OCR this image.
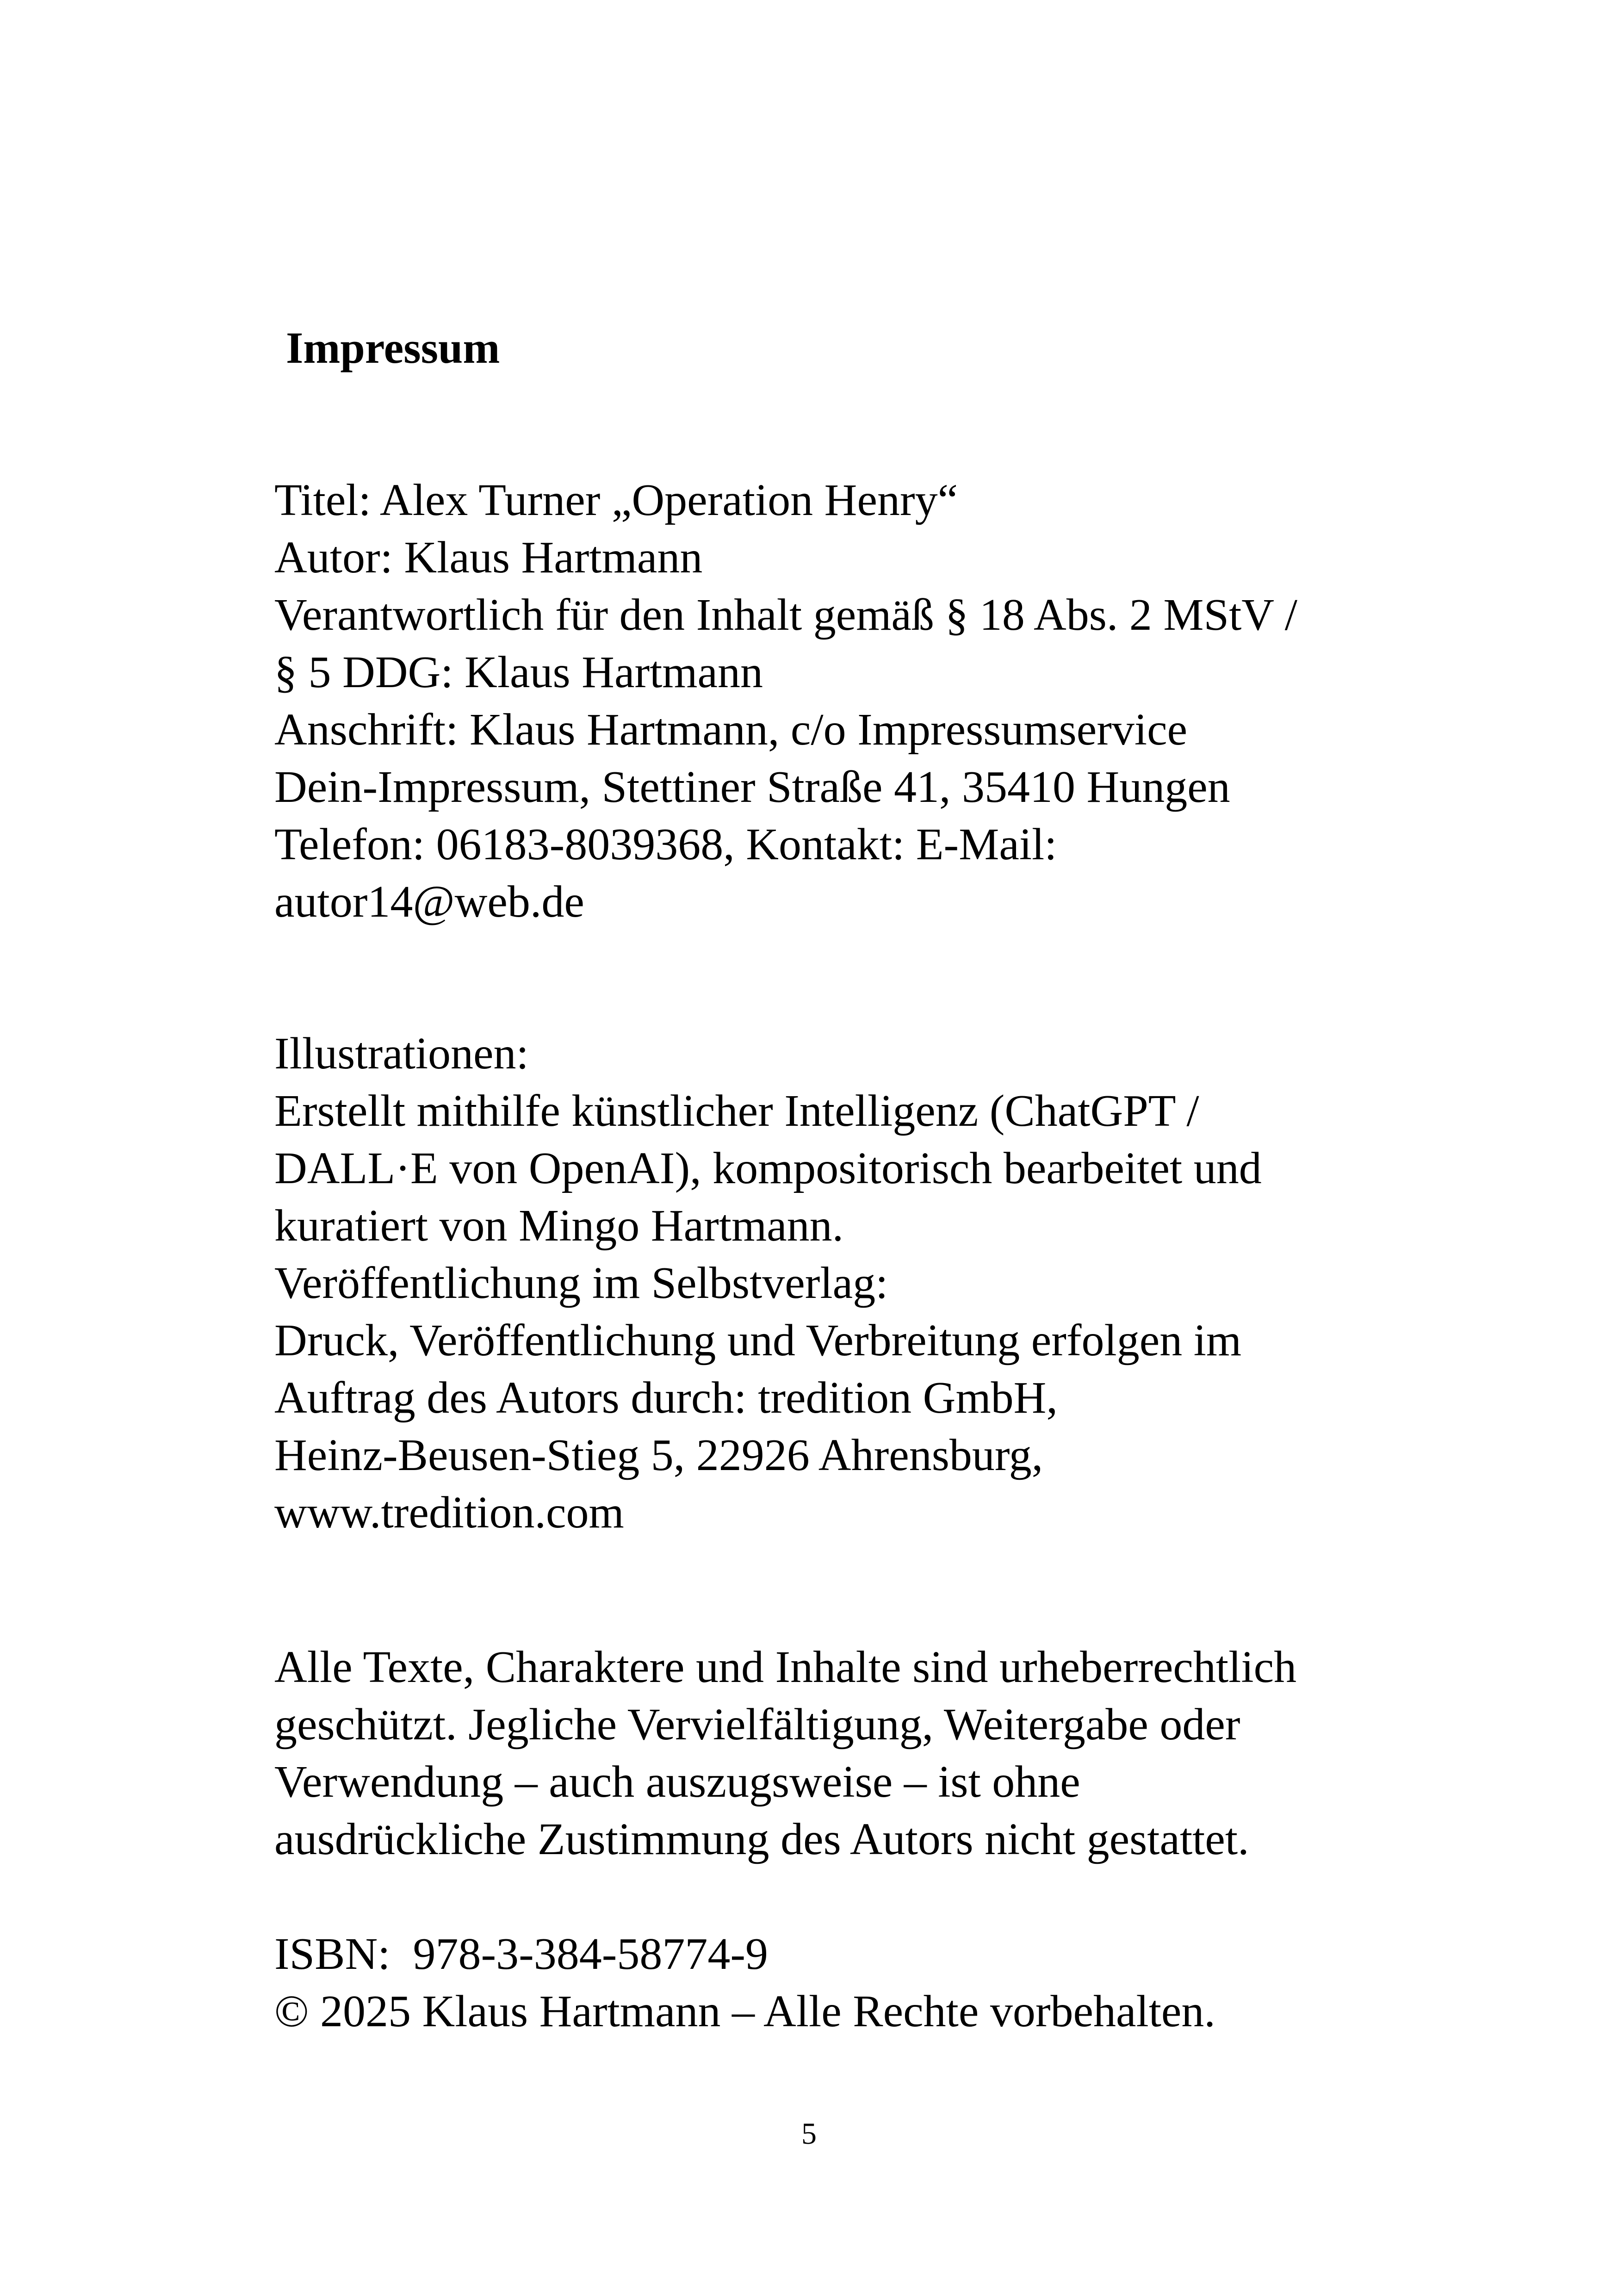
Impressum
Titel: Alex Turner „Operation Henry“
Autor: Klaus Hartmann
Verantwortlich für den Inhalt gemäß § 18 Abs. 2 MStV /
§ 5 DDG: Klaus Hartmann
Anschrift: Klaus Hartmann, c/o Impressumservice
Dein-Impressum, Stettiner Straße 41, 35410 Hungen
Telefon: 06183-8039368, Kontakt: E-Mail:
autor14@web.de
Illustrationen:
Erstellt mithilfe künstlicher Intelligenz (ChatGPT /
DALL·E von OpenAI), kompositorisch bearbeitet und
kuratiert von Mingo Hartmann.
Veröffentlichung im Selbstverlag:
Druck, Veröffentlichung und Verbreitung erfolgen im
Auftrag des Autors durch: tredition GmbH,
Heinz-Beusen-Stieg 5, 22926 Ahrensburg,
www.tredition.com
Alle Texte, Charaktere und Inhalte sind urheberrechtlich
geschützt. Jegliche Vervielfältigung, Weitergabe oder
Verwendung – auch auszugsweise – ist ohne
ausdrückliche Zustimmung des Autors nicht gestattet.
ISBN:  978-3-384-58774-9
© 2025 Klaus Hartmann – Alle Rechte vorbehalten.
5
